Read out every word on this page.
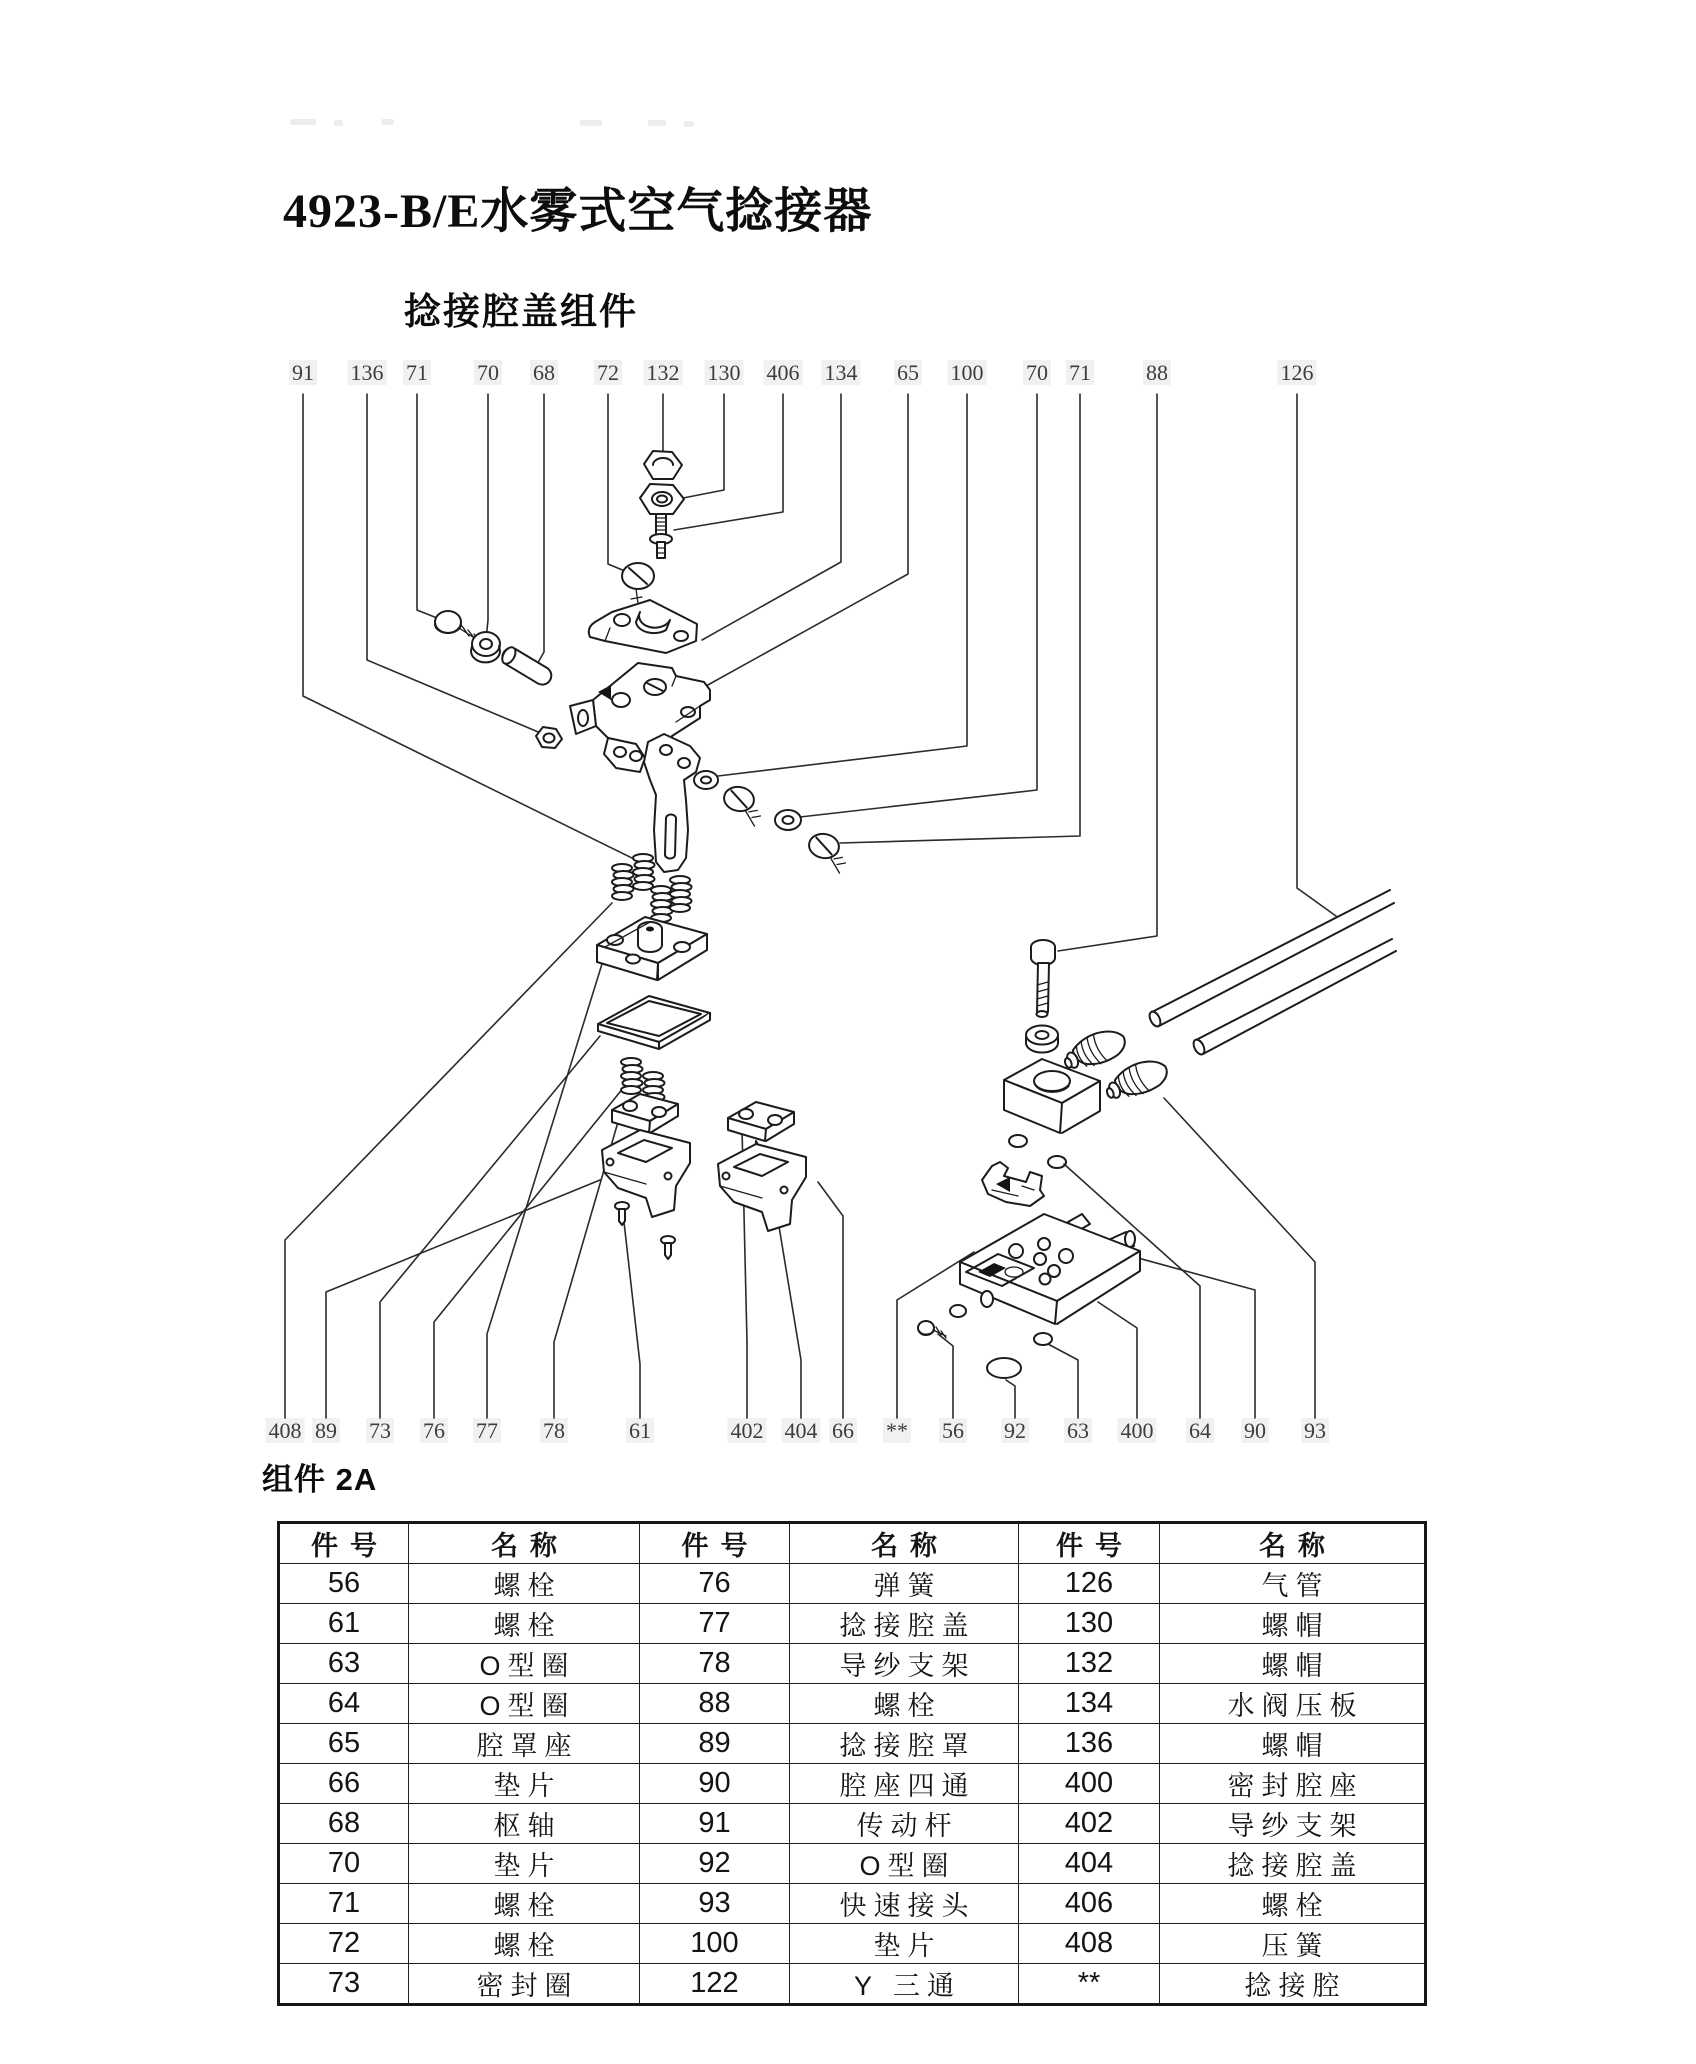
4923-B/E水雾式空气捻接器
捻接腔盖组件
91 136 71 70 68 72 132 130 406 134 65 100 70 71	88	126
408 89 73 76 77 78	61	402 404 66 ** 56 92 63 400 64 90 93
组件 2A
件号	名称	件号	名称	件号	名称
56	螺栓	76	弹簧	126	气管
61	螺栓	77	捻接腔盖	130	螺帽
63	O型圈	78	导纱支架	132	螺帽
64	O型圈	88	螺栓	134	水阀压板
65	腔罩座	89	捻接腔罩	136	螺帽
66	垫片	90	腔座四通	400	密封腔座
68	枢轴	91	传动杆	402	导纱支架
70	垫片	92	O型圈	404	捻接腔盖
71	螺栓	93	快速接头	406	螺栓
72	螺栓	100	垫片	408	压簧
73	密封圈	122	Y 三通	**	捻接腔
